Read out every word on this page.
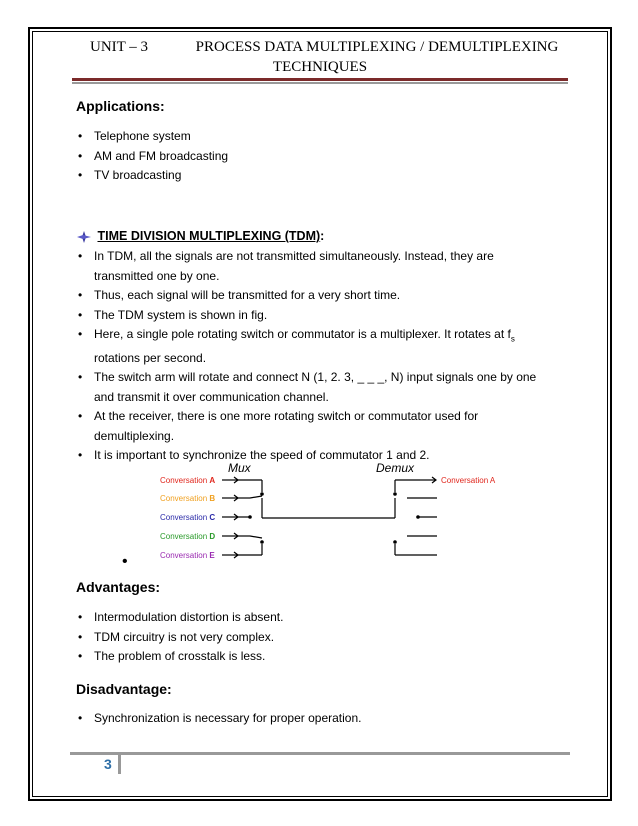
UNIT – 3	PROCESS DATA MULTIPLEXING / DEMULTIPLEXING
TECHNIQUES
Applications:
• Telephone system
• AM and FM broadcasting
• TV broadcasting
TIME DIVISION MULTIPLEXING (TDM):
• In TDM, all the signals are not transmitted simultaneously. Instead, they are
transmitted one by one.
• Thus, each signal will be transmitted for a very short time.
• The TDM system is shown in fig.
• Here, a single pole rotating switch or commutator is a multiplexer. It rotates at $f_s$
rotations per second.
• The switch arm will rotate and connect N (1, 2. 3, _ _ _, N) input signals one by one
and transmit it over communication channel.
• At the receiver, there is one more rotating switch or commutator used for
demultiplexing.
• It is important to synchronize the speed of commutator 1 and 2.
Mux	Demux
Conversation A
Conversation B
Conversation C
Conversation D
Conversation E
Conversation A
•
Advantages:
• Intermodulation distortion is absent.
• TDM circuitry is not very complex.
• The problem of crosstalk is less.
Disadvantage:
• Synchronization is necessary for proper operation.
3
